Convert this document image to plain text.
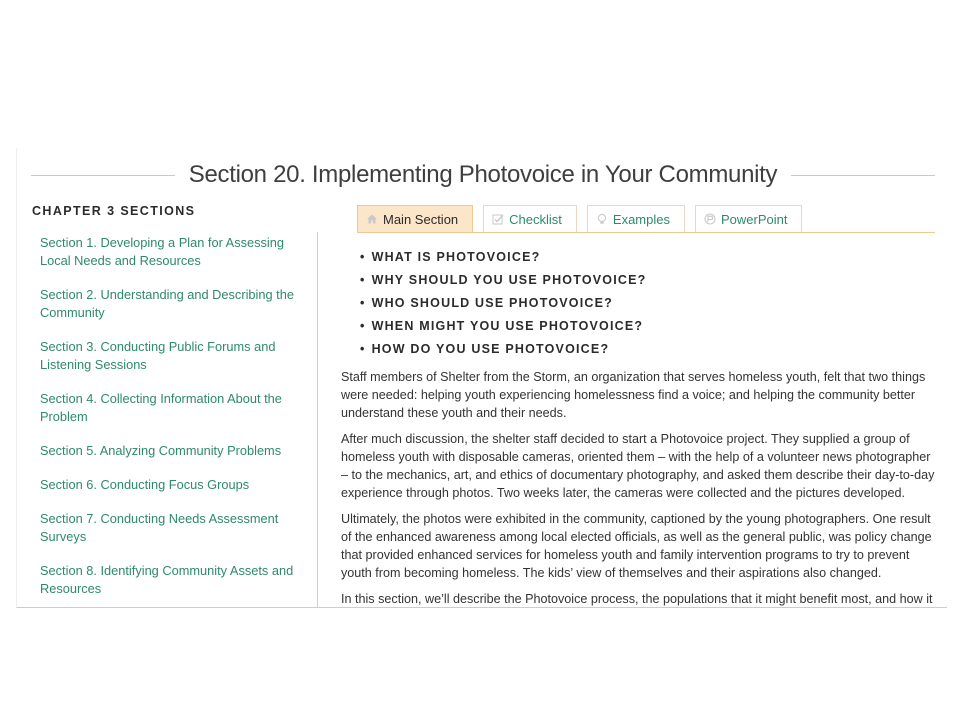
Section 20. Implementing Photovoice in Your Community
CHAPTER 3 SECTIONS
Section 1. Developing a Plan for Assessing Local Needs and Resources
Section 2. Understanding and Describing the Community
Section 3. Conducting Public Forums and Listening Sessions
Section 4. Collecting Information About the Problem
Section 5. Analyzing Community Problems
Section 6. Conducting Focus Groups
Section 7. Conducting Needs Assessment Surveys
Section 8. Identifying Community Assets and Resources
Main Section	Checklist	Examples	PowerPoint
• WHAT IS PHOTOVOICE?
• WHY SHOULD YOU USE PHOTOVOICE?
• WHO SHOULD USE PHOTOVOICE?
• WHEN MIGHT YOU USE PHOTOVOICE?
• HOW DO YOU USE PHOTOVOICE?

Staff members of Shelter from the Storm, an organization that serves homeless youth, felt that two things were needed: helping youth experiencing homelessness find a voice; and helping the community better understand these youth and their needs.

After much discussion, the shelter staff decided to start a Photovoice project. They supplied a group of homeless youth with disposable cameras, oriented them – with the help of a volunteer news photographer – to the mechanics, art, and ethics of documentary photography, and asked them describe their day-to-day experience through photos. Two weeks later, the cameras were collected and the pictures developed.

Ultimately, the photos were exhibited in the community, captioned by the young photographers. One result of the enhanced awareness among local elected officials, as well as the general public, was policy change that provided enhanced services for homeless youth and family intervention programs to try to prevent youth from becoming homeless. The kids’ view of themselves and their aspirations also changed.

In this section, we’ll describe the Photovoice process, the populations that it might benefit most, and how it
